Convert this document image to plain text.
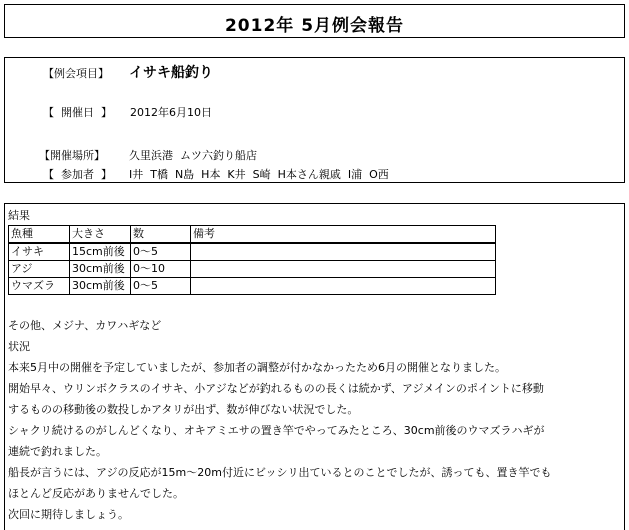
2012年 5月例会報告
【例会項目】 イサキ船釣り
【  開催日  】 2012年6月10日
【開催場所】 久里浜港  ムツ六釣り船店
【  参加者  】 I井  T橋  N島  H本  K井  S崎  H本さん親戚  I浦  O西
結果
魚種	大きさ	数	備考
イサキ	15cm前後	0～5	
アジ	30cm前後	0～10	
ウマズラ	30cm前後	0～5	
その他、メジナ、カワハギなど
状況
本来5月中の開催を予定していましたが、参加者の調整が付かなかったため6月の開催となりました。
開始早々、ウリンボクラスのイサキ、小アジなどが釣れるものの長くは続かず、アジメインのポイントに移動
するものの移動後の数投しかアタリが出ず、数が伸びない状況でした。
シャクリ続けるのがしんどくなり、オキアミエサの置き竿でやってみたところ、30cm前後のウマズラハギが
連続で釣れました。
船長が言うには、アジの反応が15m～20m付近にビッシリ出ているとのことでしたが、誘っても、置き竿でも
ほとんど反応がありませんでした。
次回に期待しましょう。
